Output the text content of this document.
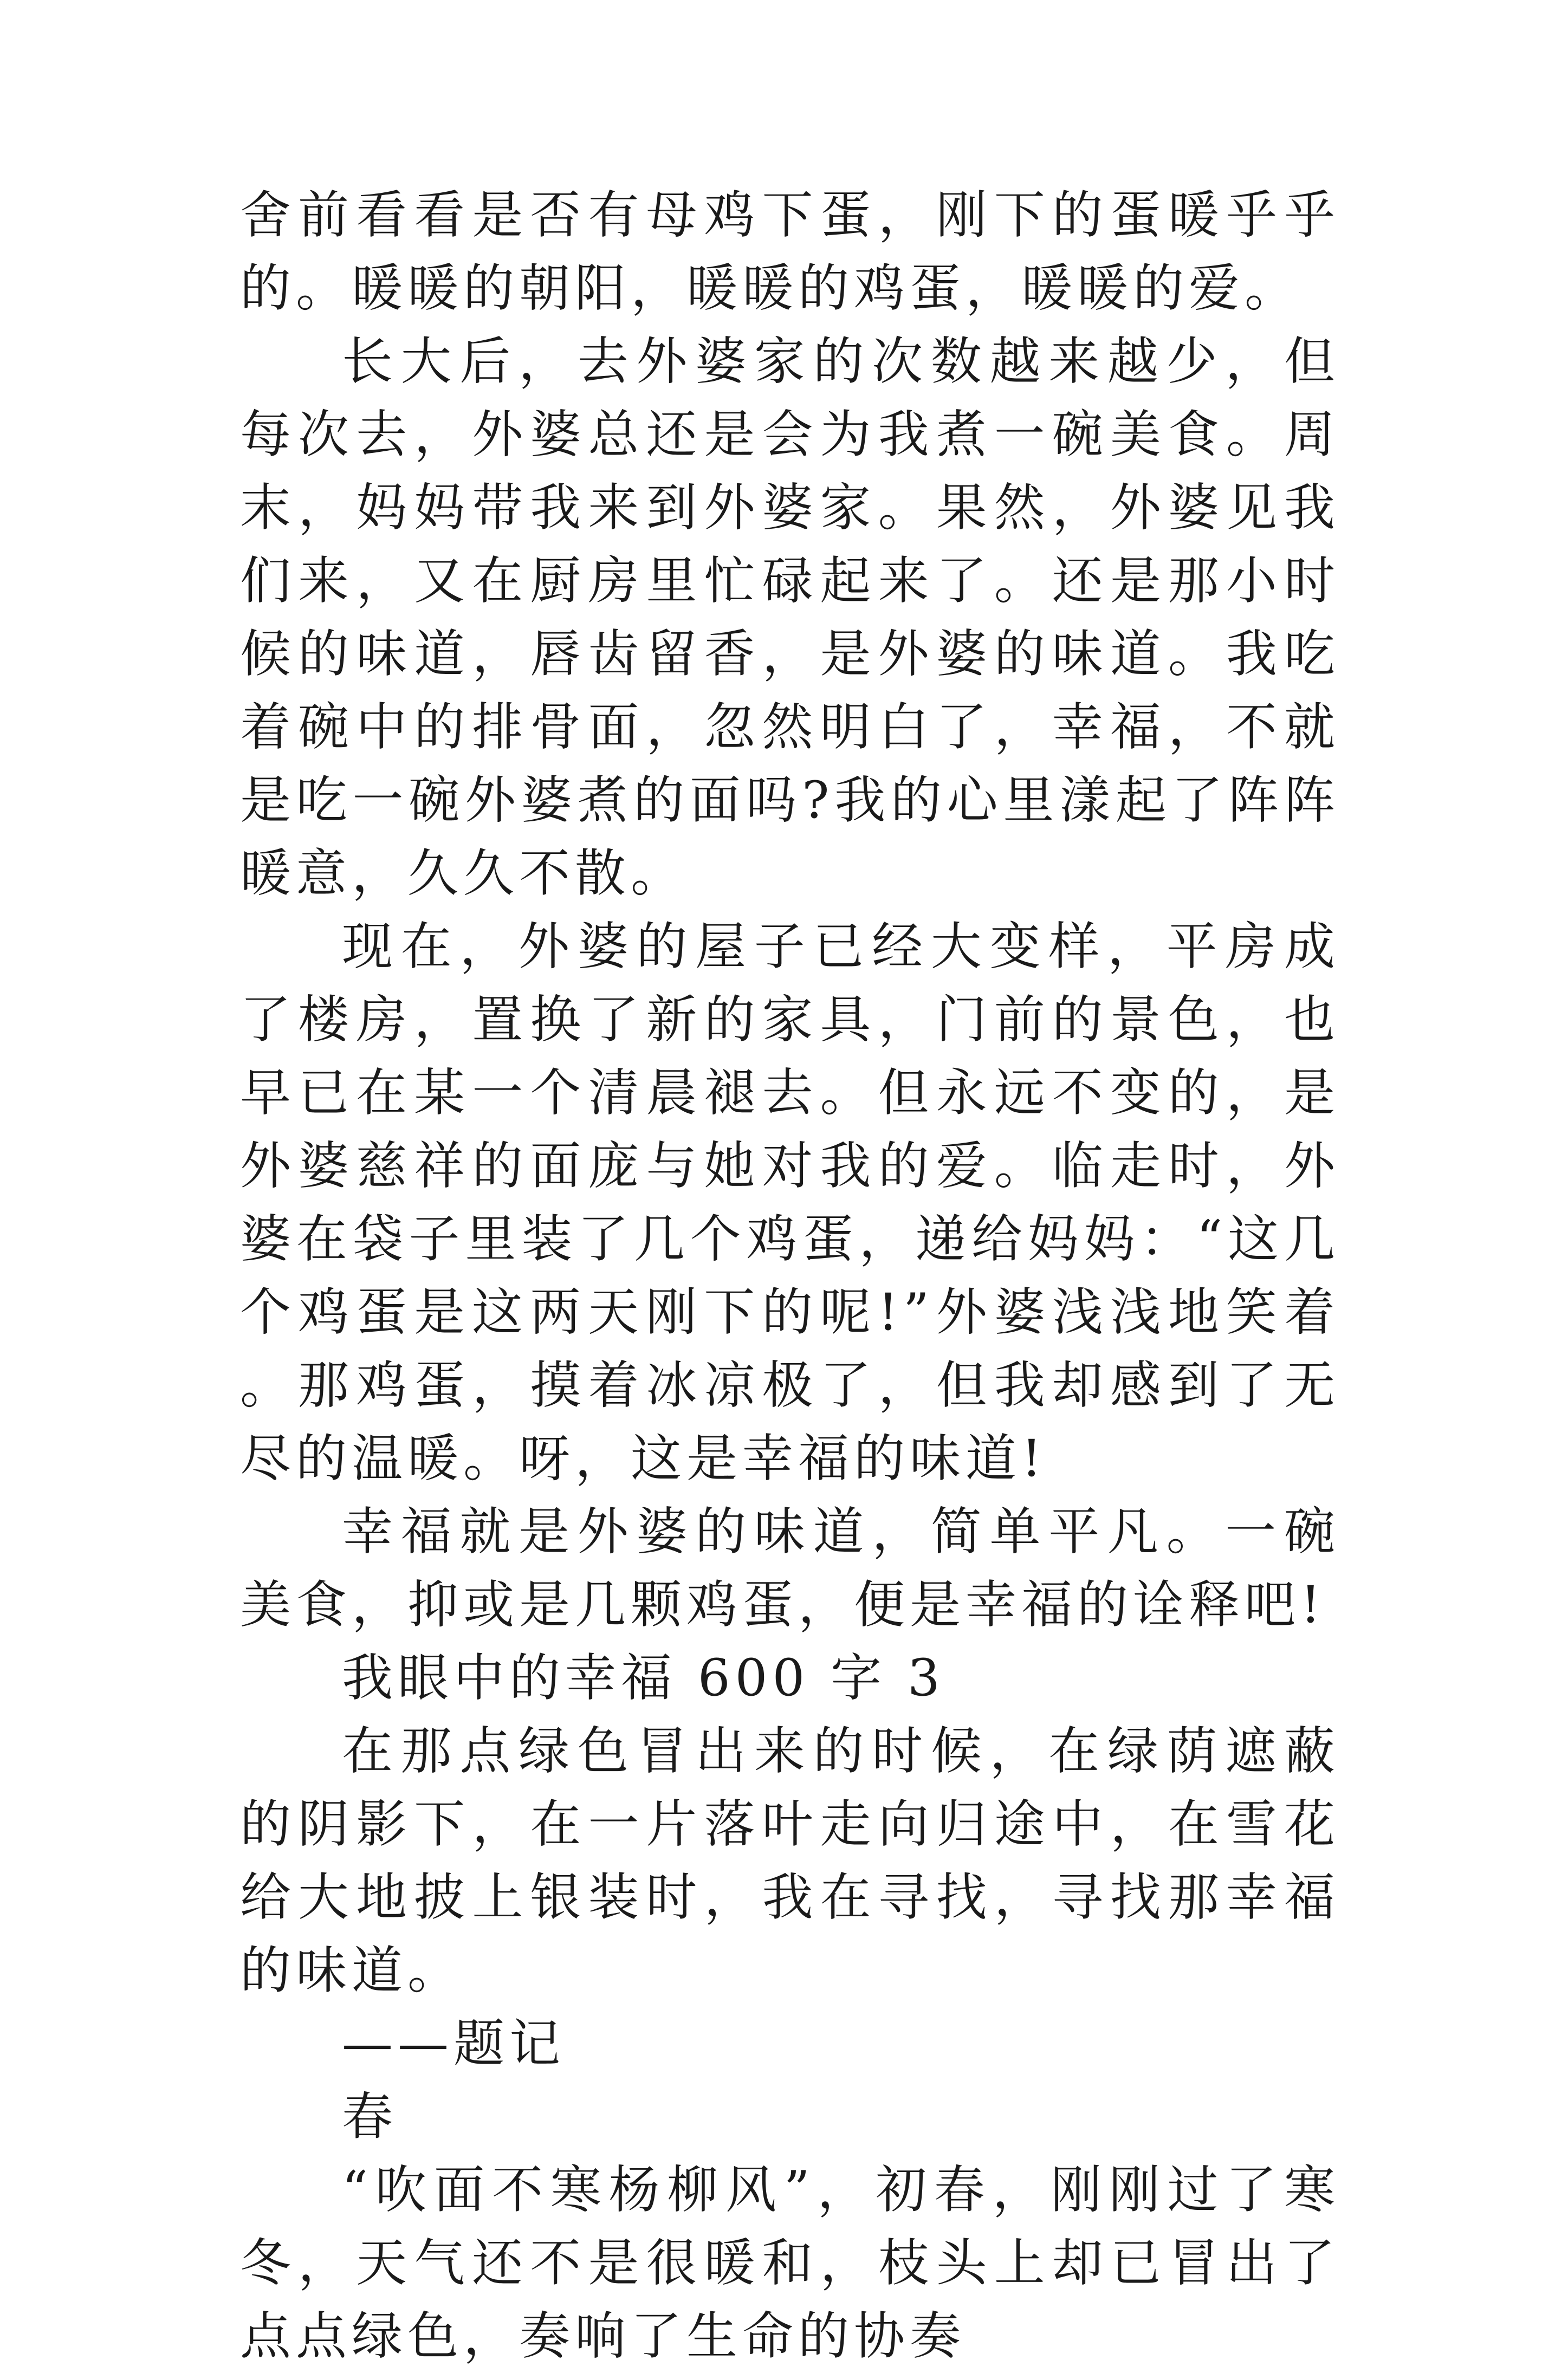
舍前看看是否有母鸡下蛋，刚下的蛋暖乎乎的。暖暖的朝阳，暖暖的鸡蛋，暖暖的爱。

长大后，去外婆家的次数越来越少，但每次去，外婆总还是会为我煮一碗美食。周末，妈妈带我来到外婆家。果然，外婆见我们来，又在厨房里忙碌起来了。还是那小时候的味道，唇齿留香，是外婆的味道。我吃着碗中的排骨面，忽然明白了，幸福，不就是吃一碗外婆煮的面吗?我的心里漾起了阵阵暖意，久久不散。

现在，外婆的屋子已经大变样，平房成了楼房，置换了新的家具，门前的景色，也早已在某一个清晨褪去。但永远不变的，是外婆慈祥的面庞与她对我的爱。临走时，外婆在袋子里装了几个鸡蛋，递给妈妈：“这几个鸡蛋是这两天刚下的呢!”外婆浅浅地笑着。那鸡蛋，摸着冰凉极了，但我却感到了无尽的温暖。呀，这是幸福的味道!

幸福就是外婆的味道，简单平凡。一碗美食，抑或是几颗鸡蛋，便是幸福的诠释吧!

我眼中的幸福 600 字 3

在那点绿色冒出来的时候，在绿荫遮蔽的阴影下，在一片落叶走向归途中，在雪花给大地披上银装时，我在寻找，寻找那幸福的味道。

——题记

春

“吹面不寒杨柳风”，初春，刚刚过了寒冬，天气还不是很暖和，枝头上却已冒出了点点绿色，奏响了生命的协奏
